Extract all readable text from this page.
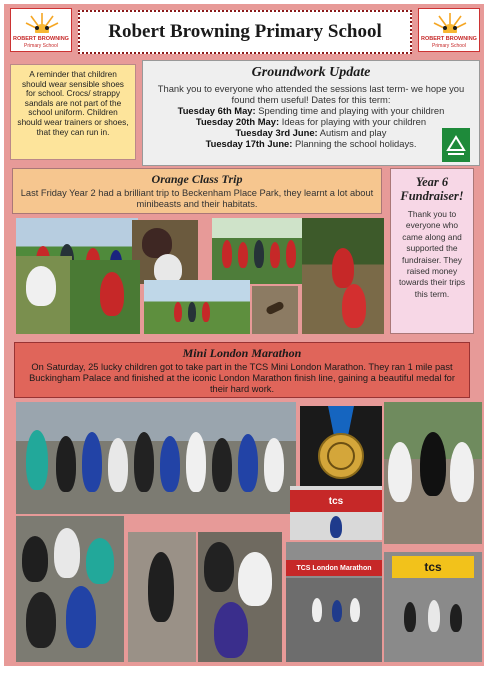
ROBERT BROWNING
Primary School
Robert Browning Primary School	ROBERT BROWNING
Primary School
A reminder that children should wear sensible shoes for school. Crocs/ strappy sandals are not part of the school uniform. Children should wear trainers or shoes, that they can run in.
Groundwork Update
Thank you to everyone who attended the sessions last term- we hope you found them useful! Dates for this term:
Tuesday 6th May: Spending time and playing with your children
Tuesday 20th May: Ideas for playing with your children
Tuesday 3rd June: Autism and play
Tuesday 17th June: Planning the school holidays.
Orange Class Trip

Last Friday Year 2 had a brilliant trip to Beckenham Place Park, they learnt a lot about minibeasts and their habitats.

Year 6 Fundraiser!

Thank you to everyone who came along and supported the fundraiser. They raised money towards their trips this term.

Mini London Marathon

On Saturday, 25 lucky children got to take part in the TCS Mini London Marathon. They ran 1 mile past Buckingham Palace and finished at the iconic London Marathon finish line, gaining a beautiful medal for their hard work.

tcs
TCS London Marathon	tcs
